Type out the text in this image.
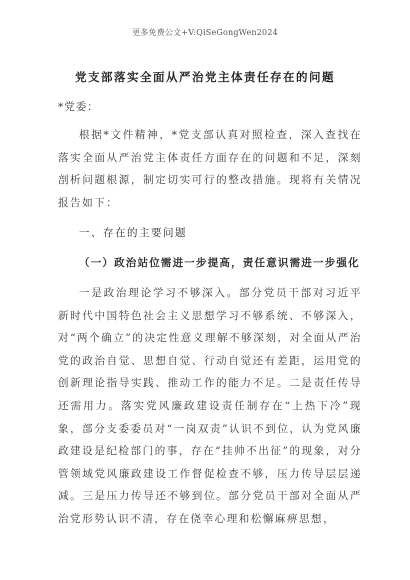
更多免费公文+V:QiSeGongWen2024
党支部落实全面从严治党主体责任存在的问题

*党委：

根据*文件精神，*党支部认真对照检查，深入查找在落实全面从严治党主体责任方面存在的问题和不足，深刻剖析问题根源，制定切实可行的整改措施。现将有关情况报告如下：

一、存在的主要问题

（一）政治站位需进一步提高，责任意识需进一步强化

一是政治理论学习不够深入。部分党员干部对习近平新时代中国特色社会主义思想学习不够系统、不够深入，对“两个确立”的决定性意义理解不够深刻，对全面从严治党的政治自觉、思想自觉、行动自觉还有差距，运用党的创新理论指导实践、推动工作的能力不足。二是责任传导还需用力。落实党风廉政建设责任制存在“上热下冷”现象，部分支委委员对“一岗双责”认识不到位，认为党风廉政建设是纪检部门的事，存在“挂帅不出征”的现象，对分管领域党风廉政建设工作督促检查不够，压力传导层层递减。三是压力传导还不够到位。部分党员干部对全面从严治党形势认识不清，存在侥幸心理和松懈麻痹思想，
